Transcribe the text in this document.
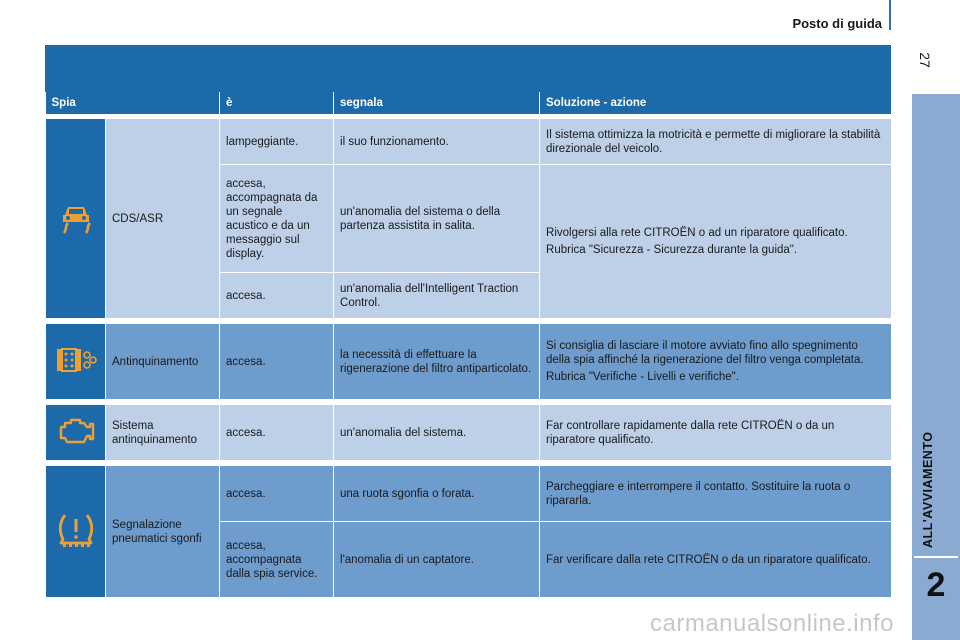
Posto di guida
27
ALL'AVVIAMENTO
2
Spia		è	segnala	Soluzione - azione

	CDS/ASR	lampeggiante.	il suo funzionamento.	Il sistema ottimizza la motricità e permette di migliorare la stabilità direzionale del veicolo.

		accesa, accompagnata da un segnale acustico e da un messaggio sul display.	un'anomalia del sistema o della partenza assistita in salita.	Rivolgersi alla rete CITROËN o ad un riparatore qualificato.

Rubrica "Sicurezza - Sicurezza durante la guida".

		accesa.	un'anomalia dell'Intelligent Traction Control.	

	Antinquinamento	accesa.	la necessità di effettuare la rigenerazione del filtro antiparticolato.	Si consiglia di lasciare il motore avviato fino allo spegnimento della spia affinché la rigenerazione del filtro venga completata.

Rubrica "Verifiche - Livelli e verifiche".

	Sistema antinquinamento	accesa.	un'anomalia del sistema.	Far controllare rapidamente dalla rete CITROËN o da un riparatore qualificato.

	Segnalazione pneumatici sgonfi	accesa.	una ruota sgonfia o forata.	Parcheggiare e interrompere il contatto. Sostituire la ruota o ripararla.

		accesa, accompagnata dalla spia service.	l'anomalia di un captatore.	Far verificare dalla rete CITROËN o da un riparatore qualificato.

carmanualsonline.info
